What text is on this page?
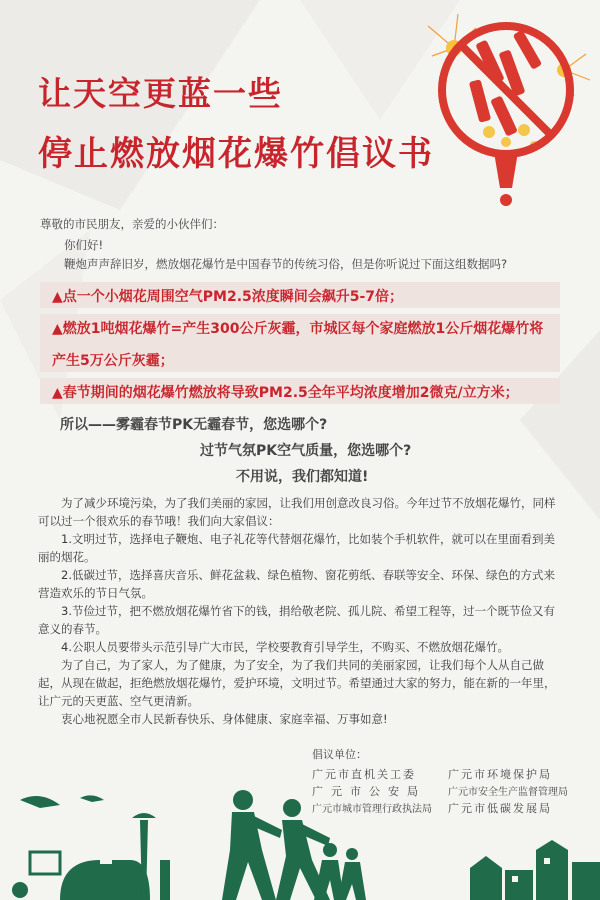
让天空更蓝一些
停止燃放烟花爆竹倡议书
尊敬的市民朋友，亲爱的小伙伴们：
你们好!
鞭炮声声辞旧岁，燃放烟花爆竹是中国春节的传统习俗，但是你听说过下面这组数据吗?
▲点一个小烟花周围空气PM2.5浓度瞬间会飙升5-7倍；
▲燃放1吨烟花爆竹=产生300公斤灰霾，市城区每个家庭燃放1公斤烟花爆竹将
产生5万公斤灰霾；
▲春节期间的烟花爆竹燃放将导致PM2.5全年平均浓度增加2微克/立方米；
所以——雾霾春节PK无霾春节，您选哪个?
过节气氛PK空气质量，您选哪个?
不用说，我们都知道!

为了减少环境污染，为了我们美丽的家园，让我们用创意改良习俗。今年过节不放烟花爆竹，同样可以过一个很欢乐的春节哦！我们向大家倡议：

1.文明过节，选择电子鞭炮、电子礼花等代替烟花爆竹，比如装个手机软件，就可以在里面看到美丽的烟花。

2.低碳过节，选择喜庆音乐、鲜花盆栽、绿色植物、窗花剪纸、春联等安全、环保、绿色的方式来营造欢乐的节日气氛。

3.节俭过节，把不燃放烟花爆竹省下的钱，捐给敬老院、孤儿院、希望工程等，过一个既节俭又有意义的春节。

4.公职人员要带头示范引导广大市民，学校要教育引导学生，不购买、不燃放烟花爆竹。

为了自己，为了家人，为了健康，为了安全，为了我们共同的美丽家园，让我们每个人从自己做起，从现在做起，拒绝燃放烟花爆竹，爱护环境，文明过节。希望通过大家的努力，能在新的一年里，让广元的天更蓝、空气更清新。

衷心地祝愿全市人民新春快乐、身体健康、家庭幸福、万事如意!

倡议单位：
广元市直机关工委	广元市环境保护局
广元市公安局 广元市安全生产监督管理局
广元市城市管理行政执法局 广元市低碳发展局
